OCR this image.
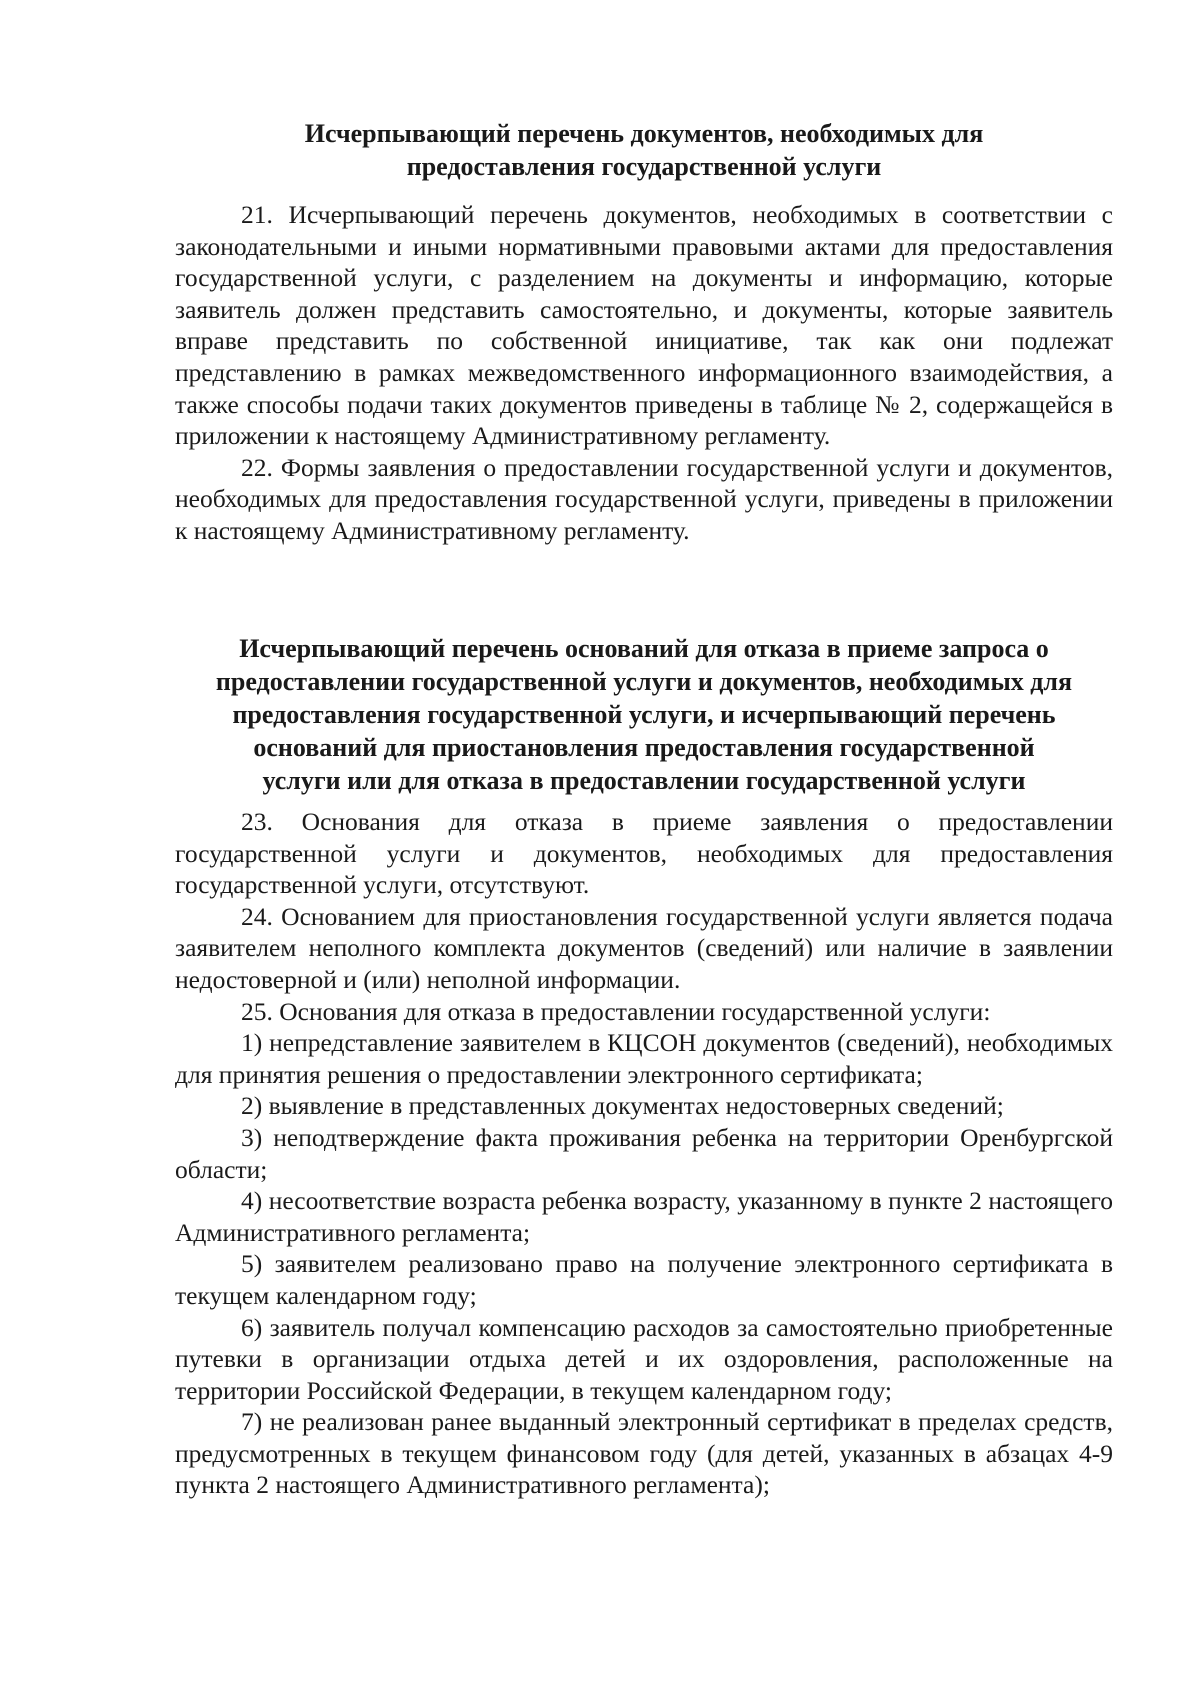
Исчерпывающий перечень документов, необходимых для
предоставления государственной услуги

21. Исчерпывающий перечень документов, необходимых в соответствии с законодательными и иными нормативными правовыми актами для предоставления государственной услуги, с разделением на документы и информацию, которые заявитель должен представить самостоятельно, и документы, которые заявитель вправе представить по собственной инициативе, так как они подлежат представлению в рамках межведомственного информационного взаимодействия, а также способы подачи таких документов приведены в таблице № 2, содержащейся в приложении к настоящему Административному регламенту.

22. Формы заявления о предоставлении государственной услуги и документов, необходимых для предоставления государственной услуги, приведены в приложении к настоящему Административному регламенту.

Исчерпывающий перечень оснований для отказа в приеме запроса о
предоставлении государственной услуги и документов, необходимых для
предоставления государственной услуги, и исчерпывающий перечень
оснований для приостановления предоставления государственной
услуги или для отказа в предоставлении государственной услуги

23. Основания для отказа в приеме заявления о предоставлении государственной услуги и документов, необходимых для предоставления государственной услуги, отсутствуют.

24. Основанием для приостановления государственной услуги является подача заявителем неполного комплекта документов (сведений) или наличие в заявлении недостоверной и (или) неполной информации.

25. Основания для отказа в предоставлении государственной услуги:

1) непредставление заявителем в КЦСОН документов (сведений), необходимых для принятия решения о предоставлении электронного сертификата;

2) выявление в представленных документах недостоверных сведений;

3) неподтверждение факта проживания ребенка на территории Оренбургской области;

4) несоответствие возраста ребенка возрасту, указанному в пункте 2 настоящего Административного регламента;

5) заявителем реализовано право на получение электронного сертификата в текущем календарном году;

6) заявитель получал компенсацию расходов за самостоятельно приобретенные путевки в организации отдыха детей и их оздоровления, расположенные на территории Российской Федерации, в текущем календарном году;

7) не реализован ранее выданный электронный сертификат в пределах средств, предусмотренных в текущем финансовом году (для детей, указанных в абзацах 4-9 пункта 2 настоящего Административного регламента);
